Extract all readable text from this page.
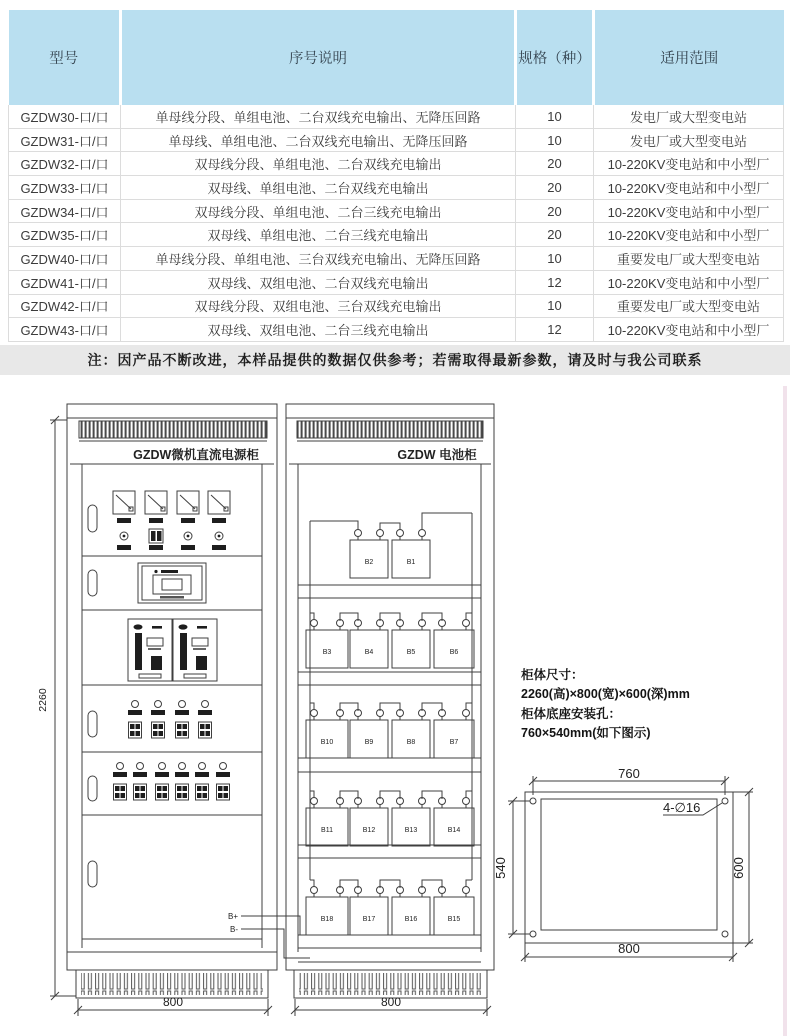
型号	序号说明	规格（种）	适用范围
GZDW30-口/口	单母线分段、单组电池、二台双线充电输出、无降压回路	10	发电厂或大型变电站
GZDW31-口/口	单母线、单组电池、二台双线充电输出、无降压回路	10	发电厂或大型变电站
GZDW32-口/口	双母线分段、单组电池、二台双线充电输出	20	10-220KV变电站和中小型厂
GZDW33-口/口	双母线、单组电池、二台双线充电输出	20	10-220KV变电站和中小型厂
GZDW34-口/口	双母线分段、单组电池、二台三线充电输出	20	10-220KV变电站和中小型厂
GZDW35-口/口	双母线、单组电池、二台三线充电输出	20	10-220KV变电站和中小型厂
GZDW40-口/口	单母线分段、单组电池、三台双线充电输出、无降压回路	10	重要发电厂或大型变电站
GZDW41-口/口	双母线、双组电池、二台双线充电输出	12	10-220KV变电站和中小型厂
GZDW42-口/口	双母线分段、双组电池、三台双线充电输出	10	重要发电厂或大型变电站
GZDW43-口/口	双母线、双组电池、二台三线充电输出	12	10-220KV变电站和中小型厂
注：因产品不断改进，本样品提供的数据仅供参考；若需取得最新参数，请及时与我公司联系
GZDW微机直流电源柜	GZDW 电池柜
B2	B1
B3	B4	B5	B6
B10	B9	B8	B7
B11	B12	B13	B14
B18	B17	B16	B15
B+
B-
2260
800	800
760
540	600
800
4-∅16
柜体尺寸：
2260(高)×800(宽)×600(深)mm
柜体底座安装孔：
760×540mm(如下图示)
